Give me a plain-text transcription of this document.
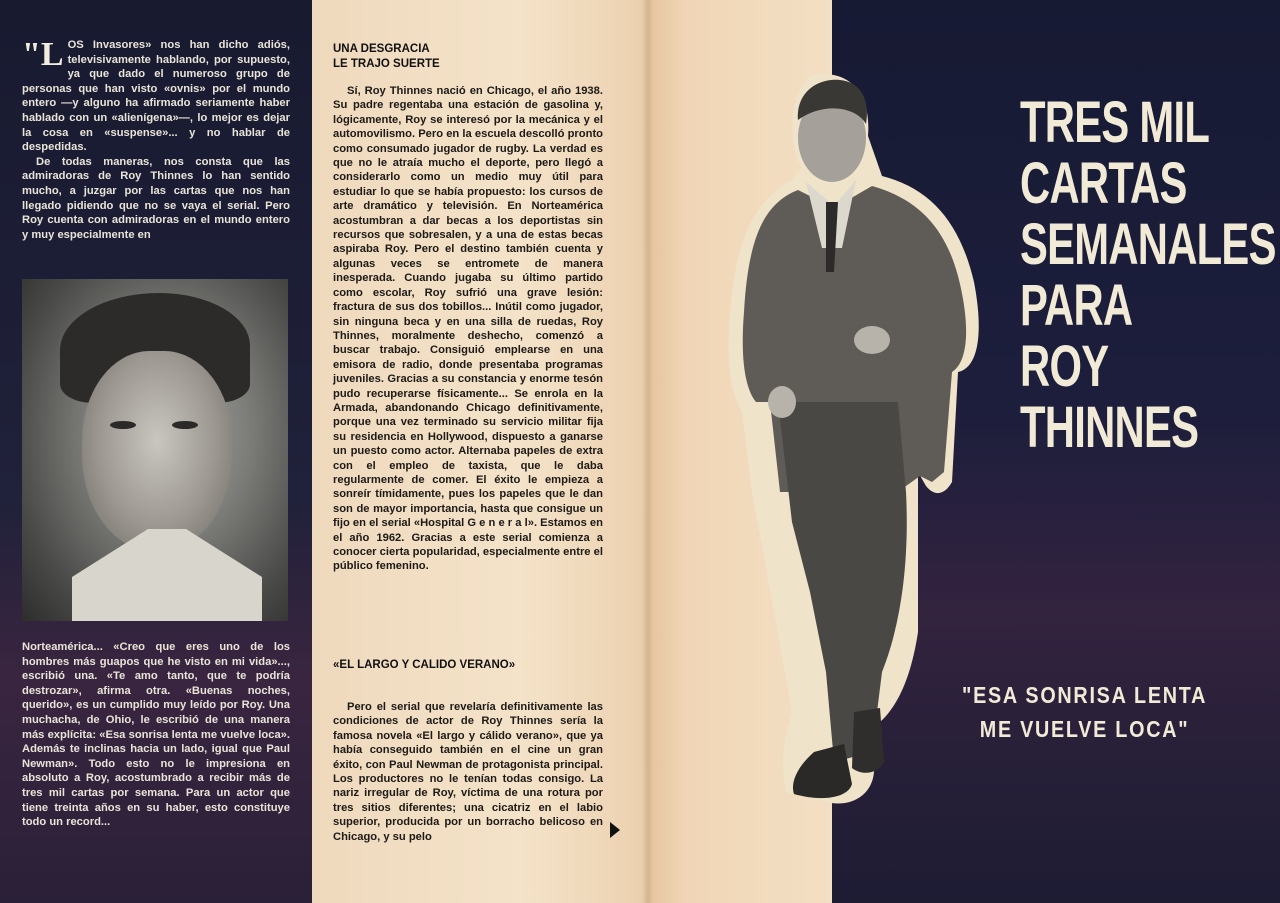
"L OS Invasores» nos han dicho adiós, televisivamente hablando, por supuesto, ya que dado el numeroso grupo de personas que han visto «ovnis» por el mundo entero —y alguno ha afirmado seriamente haber hablado con un «alienígena»—, lo mejor es dejar la cosa en «suspense»... y no hablar de despedidas.

De todas maneras, nos consta que las admiradoras de Roy Thinnes lo han sentido mucho, a juzgar por las cartas que nos han llegado pidiendo que no se vaya el serial. Pero Roy cuenta con admiradoras en el mundo entero y muy especialmente en

Norteamérica... «Creo que eres uno de los hombres más guapos que he visto en mi vida»..., escribió una. «Te amo tanto, que te podría destrozar», afirma otra. «Buenas noches, querido», es un cumplido muy leído por Roy. Una muchacha, de Ohio, le escribió de una manera más explícita: «Esa sonrisa lenta me vuelve loca». Además te inclinas hacia un lado, igual que Paul Newman». Todo esto no le impresiona en absoluto a Roy, acostumbrado a recibir más de tres mil cartas por semana. Para un actor que tiene treinta años en su haber, esto constituye todo un record...
UNA DESGRACIA
LE TRAJO SUERTE
Sí, Roy Thinnes nació en Chicago, el año 1938. Su padre regentaba una estación de gasolina y, lógicamente, Roy se interesó por la mecánica y el automovilismo. Pero en la escuela descolló pronto como consumado jugador de rugby. La verdad es que no le atraía mucho el deporte, pero llegó a considerarlo como un medio muy útil para estudiar lo que se había propuesto: los cursos de arte dramático y televisión. En Norteamérica acostumbran a dar becas a los deportistas sin recursos que sobresalen, y a una de estas becas aspiraba Roy. Pero el destino también cuenta y algunas veces se entromete de manera inesperada. Cuando jugaba su último partido como escolar, Roy sufrió una grave lesión: fractura de sus dos tobillos... Inútil como jugador, sin ninguna beca y en una silla de ruedas, Roy Thinnes, moralmente deshecho, comenzó a buscar trabajo. Consiguió emplearse en una emisora de radio, donde presentaba programas juveniles. Gracias a su constancia y enorme tesón pudo recuperarse físicamente... Se enrola en la Armada, abandonando Chicago definitivamente, porque una vez terminado su servicio militar fija su residencia en Hollywood, dispuesto a ganarse un puesto como actor. Alternaba papeles de extra con el empleo de taxista, que le daba regularmente de comer. El éxito le empieza a sonreír tímidamente, pues los papeles que le dan son de mayor importancia, hasta que consigue un fijo en el serial «Hospital G e n e r a l». Estamos en el año 1962. Gracias a este serial comienza a conocer cierta popularidad, especialmente entre el público femenino.
«EL LARGO Y CALIDO VERANO»
Pero el serial que revelaría definitivamente las condiciones de actor de Roy Thinnes sería la famosa novela «El largo y cálido verano», que ya había conseguido también en el cine un gran éxito, con Paul Newman de protagonista principal. Los productores no le tenían todas consigo. La nariz irregular de Roy, víctima de una rotura por tres sitios diferentes; una cicatriz en el labio superior, producida por un borracho belicoso en Chicago, y su pelo
TRES MIL
CARTAS
SEMANALES
PARA
ROY
THINNES
"ESA SONRISA LENTA
ME VUELVE LOCA"
